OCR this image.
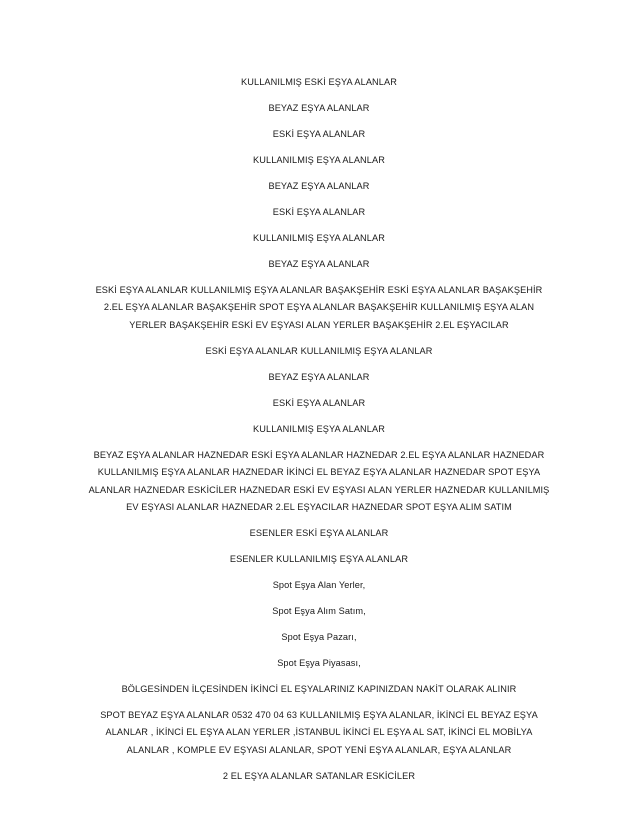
KULLANILMIŞ ESKİ EŞYA ALANLAR

BEYAZ EŞYA ALANLAR

ESKİ EŞYA ALANLAR

KULLANILMIŞ EŞYA ALANLAR

BEYAZ EŞYA ALANLAR

ESKİ EŞYA ALANLAR

KULLANILMIŞ EŞYA ALANLAR

BEYAZ EŞYA ALANLAR

ESKİ EŞYA ALANLAR KULLANILMIŞ EŞYA ALANLAR BAŞAKŞEHİR ESKİ EŞYA ALANLAR BAŞAKŞEHİR 2.EL EŞYA ALANLAR BAŞAKŞEHİR SPOT EŞYA ALANLAR BAŞAKŞEHİR KULLANILMIŞ EŞYA ALAN YERLER BAŞAKŞEHİR ESKİ EV EŞYASI ALAN YERLER BAŞAKŞEHİR 2.EL EŞYACILAR

ESKİ EŞYA ALANLAR KULLANILMIŞ EŞYA ALANLAR

BEYAZ EŞYA ALANLAR

ESKİ EŞYA ALANLAR

KULLANILMIŞ EŞYA ALANLAR

BEYAZ EŞYA ALANLAR HAZNEDAR ESKİ EŞYA ALANLAR HAZNEDAR 2.EL EŞYA ALANLAR HAZNEDAR KULLANILMIŞ EŞYA ALANLAR HAZNEDAR İKİNCİ EL BEYAZ EŞYA ALANLAR HAZNEDAR SPOT EŞYA ALANLAR HAZNEDAR ESKİCİLER HAZNEDAR ESKİ EV EŞYASI ALAN YERLER HAZNEDAR KULLANILMIŞ EV EŞYASI ALANLAR HAZNEDAR 2.EL EŞYACILAR HAZNEDAR SPOT EŞYA ALIM SATIM

ESENLER ESKİ EŞYA ALANLAR

ESENLER KULLANILMIŞ EŞYA ALANLAR

Spot Eşya Alan Yerler,

Spot Eşya Alım Satım,

Spot Eşya Pazarı,

Spot Eşya Piyasası,

BÖLGESİNDEN İLÇESİNDEN İKİNCİ EL EŞYALARINIZ KAPINIZDAN NAKİT OLARAK ALINIR

SPOT BEYAZ EŞYA ALANLAR 0532 470 04 63 KULLANILMIŞ EŞYA ALANLAR, İKİNCİ EL BEYAZ EŞYA ALANLAR , İKİNCİ EL EŞYA ALAN YERLER ,İSTANBUL İKİNCİ EL EŞYA AL SAT, İKİNCİ EL MOBİLYA ALANLAR , KOMPLE EV EŞYASI ALANLAR, SPOT YENİ EŞYA ALANLAR, EŞYA ALANLAR

2 EL EŞYA ALANLAR SATANLAR ESKİCİLER
